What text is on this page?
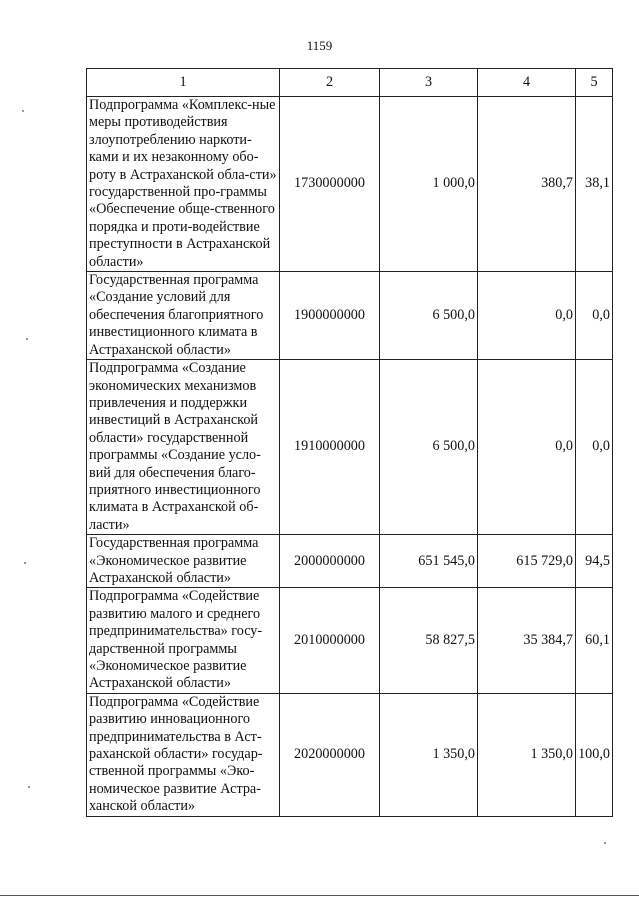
1159
1	2	3	4	5
Подпрограмма «Комплекс-ные меры противодействия злоупотреблению наркоти-ками и их незаконному обо-роту в Астраханской обла-сти» государственной про-граммы «Обеспечение обще-ственного порядка и проти-водействие преступности в Астраханской области»	1730000000	1 000,0	380,7	38,1
Государственная программа «Создание условий для обеспечения благоприятного инвестиционного климата в Астраханской области»	1900000000	6 500,0	0,0	0,0
Подпрограмма «Создание экономических механизмов привлечения и поддержки инвестиций в Астраханской области» государственной программы «Создание усло-вий для обеспечения благо-приятного инвестиционного климата в Астраханской об-ласти»	1910000000	6 500,0	0,0	0,0
Государственная программа «Экономическое развитие Астраханской области»	2000000000	651 545,0	615 729,0	94,5
Подпрограмма «Содействие развитию малого и среднего предпринимательства» госу-дарственной программы «Экономическое развитие Астраханской области»	2010000000	58 827,5	35 384,7	60,1
Подпрограмма «Содействие развитию инновационного предпринимательства в Аст-раханской области» государ-ственной программы «Эко-номическое развитие Астра-ханской области»	2020000000	1 350,0	1 350,0	100,0
